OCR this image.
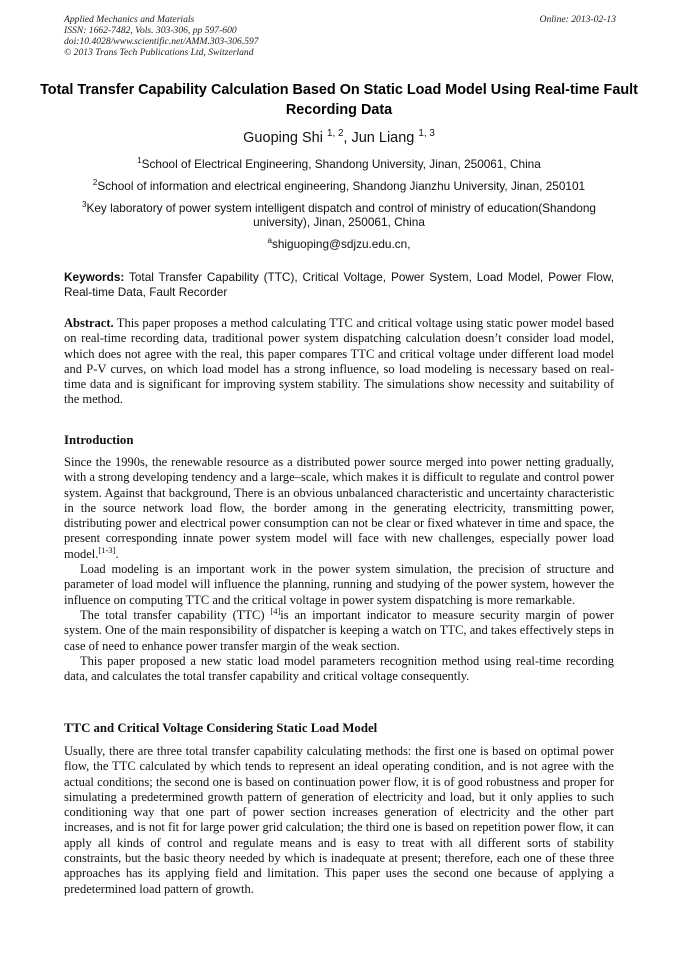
Applied Mechanics and Materials
ISSN: 1662-7482, Vols. 303-306, pp 597-600
doi:10.4028/www.scientific.net/AMM.303-306.597
© 2013 Trans Tech Publications Ltd, Switzerland
Online: 2013-02-13
Total Transfer Capability Calculation Based On Static Load Model Using Real-time Fault Recording Data
Guoping Shi $^{1, 2}$, Jun Liang $^{1, 3}$
$^1$School of Electrical Engineering, Shandong University, Jinan, 250061, China
$^2$School of information and electrical engineering, Shandong Jianzhu University, Jinan, 250101
$^3$Key laboratory of power system intelligent dispatch and control of ministry of education(Shandong university), Jinan, 250061, China
$^a$shiguoping@sdjzu.edu.cn,
Keywords: Total Transfer Capability (TTC), Critical Voltage, Power System, Load Model, Power Flow, Real-time Data, Fault Recorder
Abstract. This paper proposes a method calculating TTC and critical voltage using static power model based on real-time recording data, traditional power system dispatching calculation doesn’t consider load model, which does not agree with the real, this paper compares TTC and critical voltage under different load model and P-V curves, on which load model has a strong influence, so load modeling is necessary based on real-time data and is significant for improving system stability. The simulations show necessity and suitability of the method.
Introduction

Since the 1990s, the renewable resource as a distributed power source merged into power netting gradually, with a strong developing tendency and a large–scale, which makes it is difficult to regulate and control power system. Against that background, There is an obvious unbalanced characteristic and uncertainty characteristic in the source network load flow, the border among in the generating electricity, transmitting power, distributing power and electrical power consumption can not be clear or fixed whatever in time and space, the present corresponding innate power system model will face with new challenges, especially power load model.[1-3].

Load modeling is an important work in the power system simulation, the precision of structure and parameter of load model will influence the planning, running and studying of the power system, however the influence on computing TTC and the critical voltage in power system dispatching is more remarkable.

The total transfer capability (TTC) [4]is an important indicator to measure security margin of power system. One of the main responsibility of dispatcher is keeping a watch on TTC, and takes effectively steps in case of need to enhance power transfer margin of the weak section.

This paper proposed a new static load model parameters recognition method using real-time recording data, and calculates the total transfer capability and critical voltage consequently.

TTC and Critical Voltage Considering Static Load Model

Usually, there are three total transfer capability calculating methods: the first one is based on optimal power flow, the TTC calculated by which tends to represent an ideal operating condition, and is not agree with the actual conditions; the second one is based on continuation power flow, it is of good robustness and proper for simulating a predetermined growth pattern of generation of electricity and load, but it only applies to such conditioning way that one part of power section increases generation of electricity and the other part increases, and is not fit for large power grid calculation; the third one is based on repetition power flow, it can apply all kinds of control and regulate means and is easy to treat with all different sorts of stability constraints, but the basic theory needed by which is inadequate at present; therefore, each one of these three approaches has its applying field and limitation. This paper uses the second one because of applying a predetermined load pattern of growth.
